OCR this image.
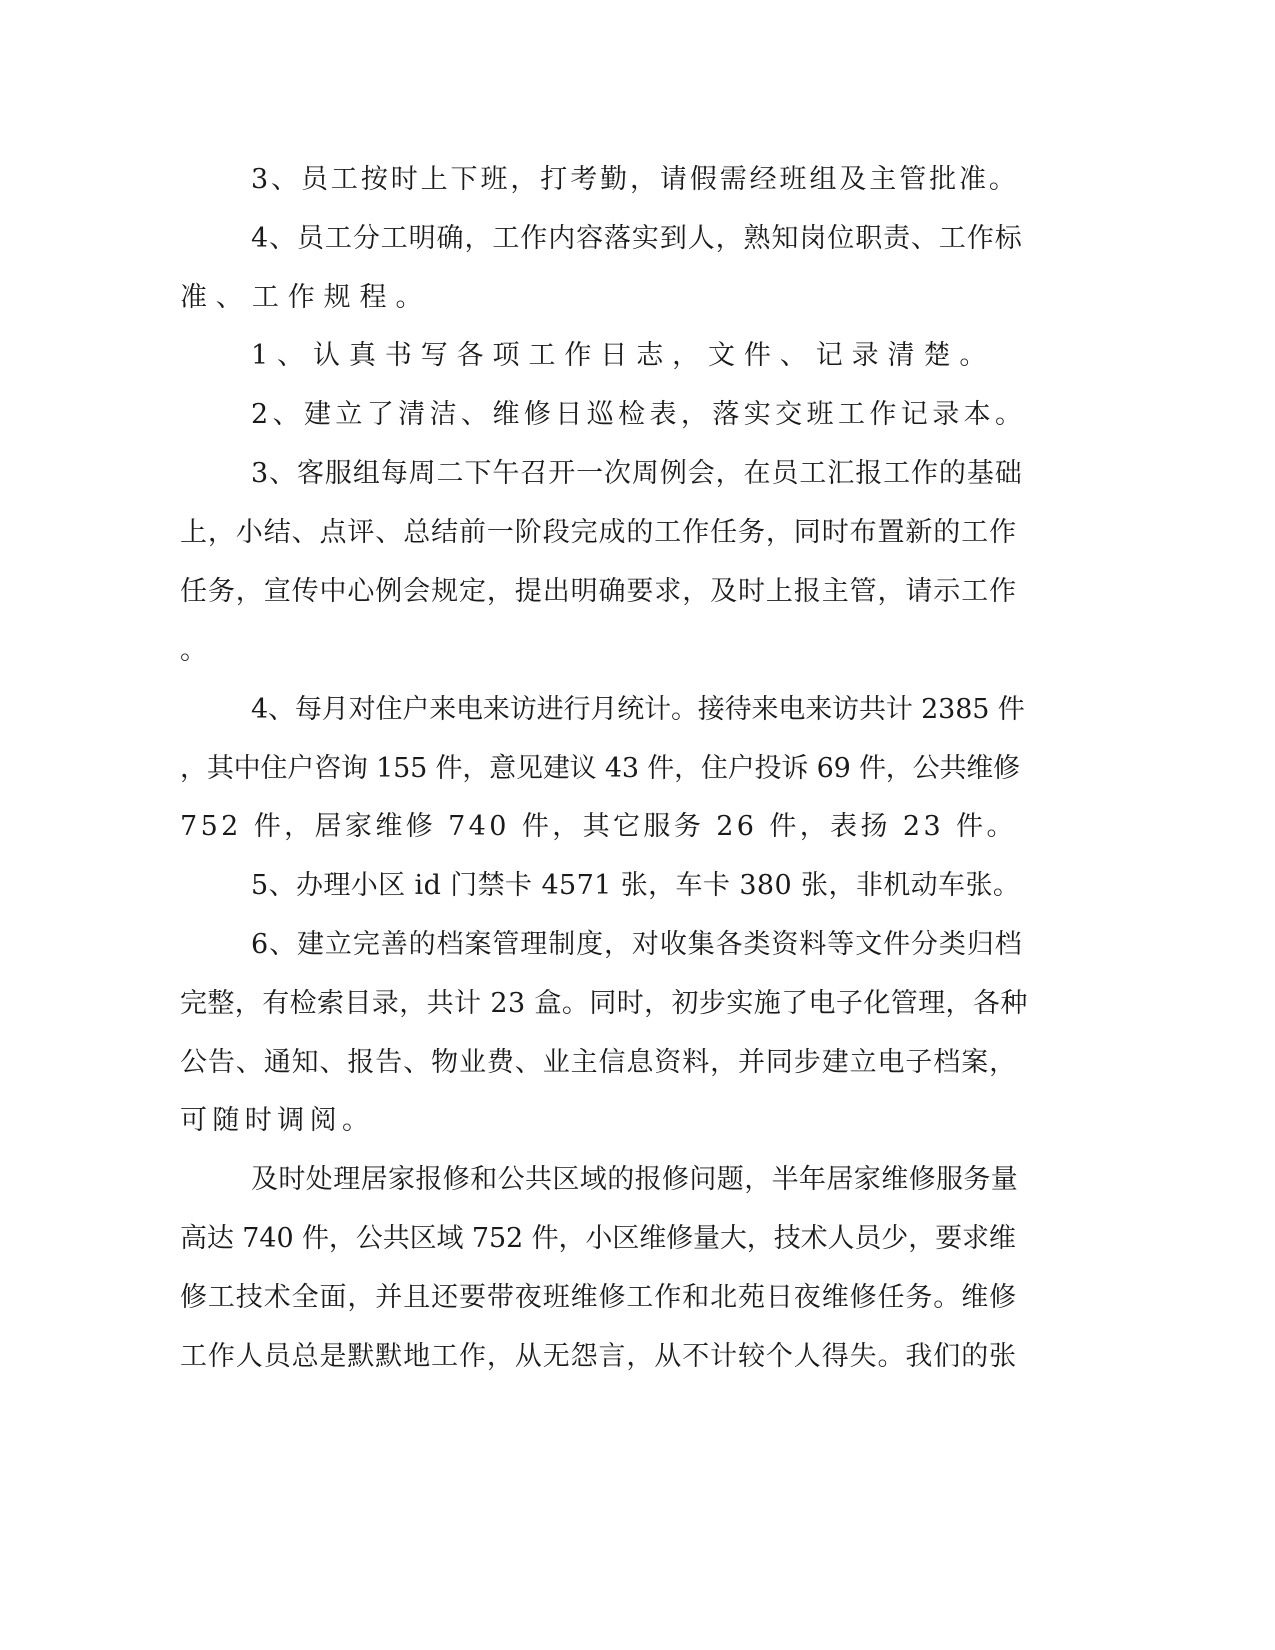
3、员工按时上下班，打考勤，请假需经班组及主管批准。
4、员工分工明确，工作内容落实到人，熟知岗位职责、工作标
准、工作规程。
1、认真书写各项工作日志，文件、记录清楚。
2、建立了清洁、维修日巡检表，落实交班工作记录本。
3、客服组每周二下午召开一次周例会，在员工汇报工作的基础
上，小结、点评、总结前一阶段完成的工作任务，同时布置新的工作
任务，宣传中心例会规定，提出明确要求，及时上报主管，请示工作
。
4、每月对住户来电来访进行月统计。接待来电来访共计 2385 件
，其中住户咨询 155 件，意见建议 43 件，住户投诉 69 件，公共维修
752 件，居家维修 740 件，其它服务 26 件，表扬 23 件。
5、办理小区 id 门禁卡 4571 张，车卡 380 张，非机动车张。
6、建立完善的档案管理制度，对收集各类资料等文件分类归档
完整，有检索目录，共计 23 盒。同时，初步实施了电子化管理，各种
公告、通知、报告、物业费、业主信息资料，并同步建立电子档案，
可随时调阅。
及时处理居家报修和公共区域的报修问题，半年居家维修服务量
高达 740 件，公共区域 752 件，小区维修量大，技术人员少，要求维
修工技术全面，并且还要带夜班维修工作和北苑日夜维修任务。维修
工作人员总是默默地工作，从无怨言，从不计较个人得失。我们的张
